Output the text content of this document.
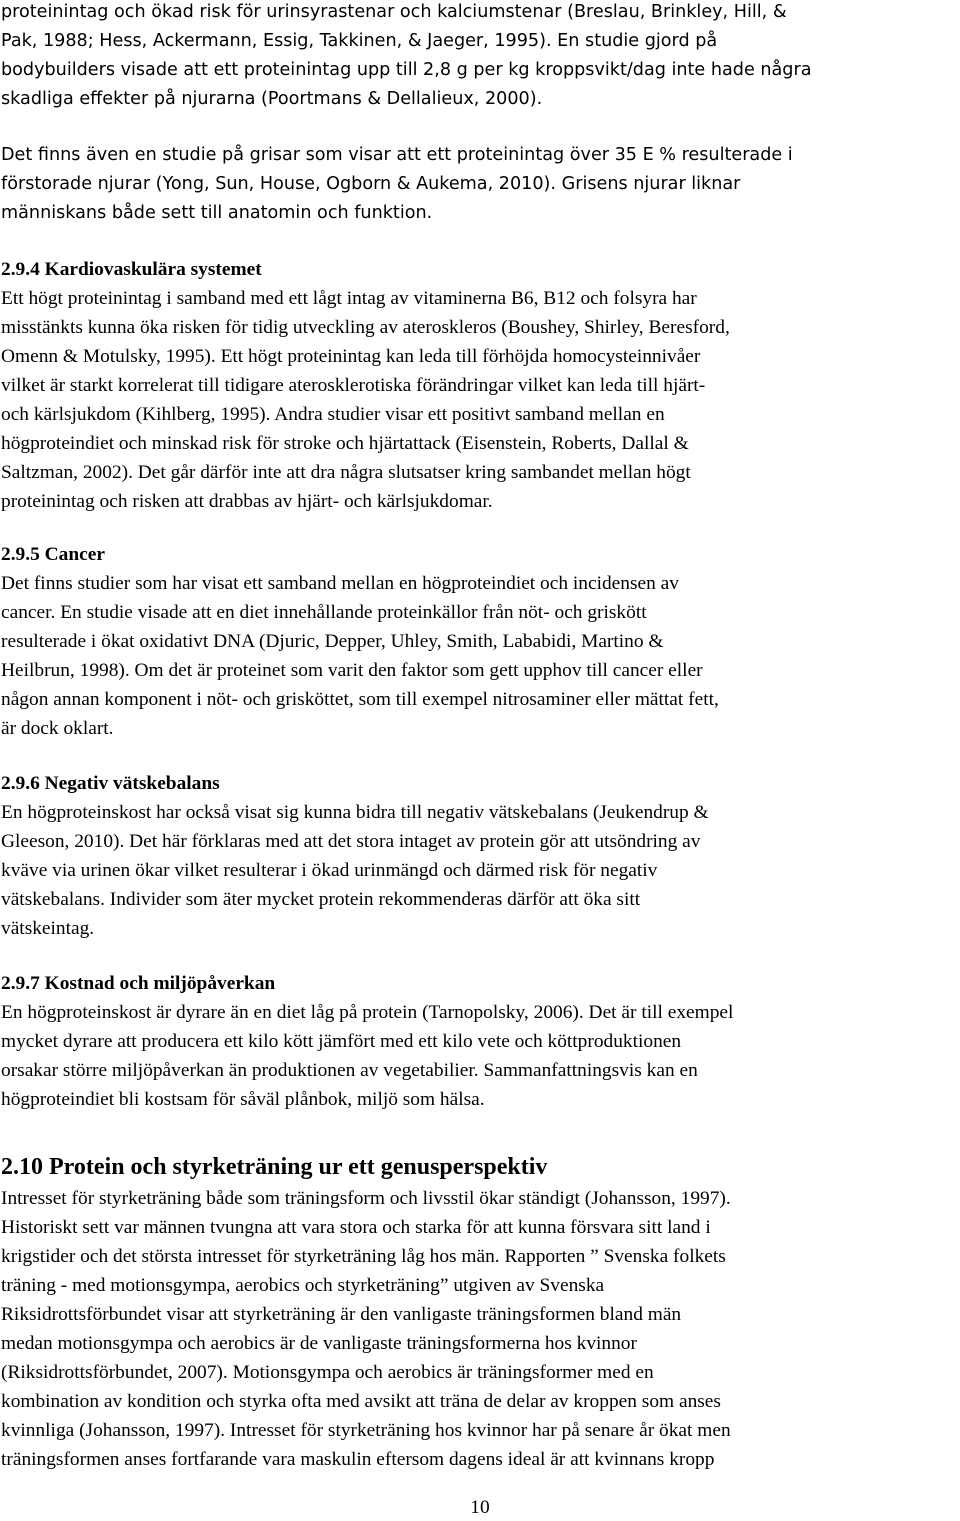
proteinintag och ökad risk för urinsyrastenar och kalciumstenar (Breslau, Brinkley, Hill, &
Pak, 1988; Hess, Ackermann, Essig, Takkinen, & Jaeger, 1995). En studie gjord på
bodybuilders visade att ett proteinintag upp till 2,8 g per kg kroppsvikt/dag inte hade några
skadliga effekter på njurarna (Poortmans & Dellalieux, 2000).
Det finns även en studie på grisar som visar att ett proteinintag över 35 E % resulterade i
förstorade njurar (Yong, Sun, House, Ogborn & Aukema, 2010). Grisens njurar liknar
människans både sett till anatomin och funktion.
2.9.4 Kardiovaskulära systemet
Ett högt proteinintag i samband med ett lågt intag av vitaminerna B6, B12 och folsyra har
misstänkts kunna öka risken för tidig utveckling av ateroskleros (Boushey, Shirley, Beresford,
Omenn & Motulsky, 1995). Ett högt proteinintag kan leda till förhöjda homocysteinnivåer
vilket är starkt korrelerat till tidigare aterosklerotiska förändringar vilket kan leda till hjärt-
och kärlsjukdom (Kihlberg, 1995). Andra studier visar ett positivt samband mellan en
högproteindiet och minskad risk för stroke och hjärtattack (Eisenstein, Roberts, Dallal &
Saltzman, 2002). Det går därför inte att dra några slutsatser kring sambandet mellan högt
proteinintag och risken att drabbas av hjärt- och kärlsjukdomar.
2.9.5 Cancer
Det finns studier som har visat ett samband mellan en högproteindiet och incidensen av
cancer. En studie visade att en diet innehållande proteinkällor från nöt- och griskött
resulterade i ökat oxidativt DNA (Djuric, Depper, Uhley, Smith, Lababidi, Martino &
Heilbrun, 1998). Om det är proteinet som varit den faktor som gett upphov till cancer eller
någon annan komponent i nöt- och grisköttet, som till exempel nitrosaminer eller mättat fett,
är dock oklart.
2.9.6 Negativ vätskebalans
En högproteinskost har också visat sig kunna bidra till negativ vätskebalans (Jeukendrup &
Gleeson, 2010). Det här förklaras med att det stora intaget av protein gör att utsöndring av
kväve via urinen ökar vilket resulterar i ökad urinmängd och därmed risk för negativ
vätskebalans. Individer som äter mycket protein rekommenderas därför att öka sitt
vätskeintag.
2.9.7 Kostnad och miljöpåverkan
En högproteinskost är dyrare än en diet låg på protein (Tarnopolsky, 2006). Det är till exempel
mycket dyrare att producera ett kilo kött jämfört med ett kilo vete och köttproduktionen
orsakar större miljöpåverkan än produktionen av vegetabilier. Sammanfattningsvis kan en
högproteindiet bli kostsam för såväl plånbok, miljö som hälsa.
2.10 Protein och styrketräning ur ett genusperspektiv
Intresset för styrketräning både som träningsform och livsstil ökar ständigt (Johansson, 1997).
Historiskt sett var männen tvungna att vara stora och starka för att kunna försvara sitt land i
krigstider och det största intresset för styrketräning låg hos män. Rapporten ” Svenska folkets
träning - med motionsgympa, aerobics och styrketräning” utgiven av Svenska
Riksidrottsförbundet visar att styrketräning är den vanligaste träningsformen bland män
medan motionsgympa och aerobics är de vanligaste träningsformerna hos kvinnor
(Riksidrottsförbundet, 2007). Motionsgympa och aerobics är träningsformer med en
kombination av kondition och styrka ofta med avsikt att träna de delar av kroppen som anses
kvinnliga (Johansson, 1997). Intresset för styrketräning hos kvinnor har på senare år ökat men
träningsformen anses fortfarande vara maskulin eftersom dagens ideal är att kvinnans kropp
10
